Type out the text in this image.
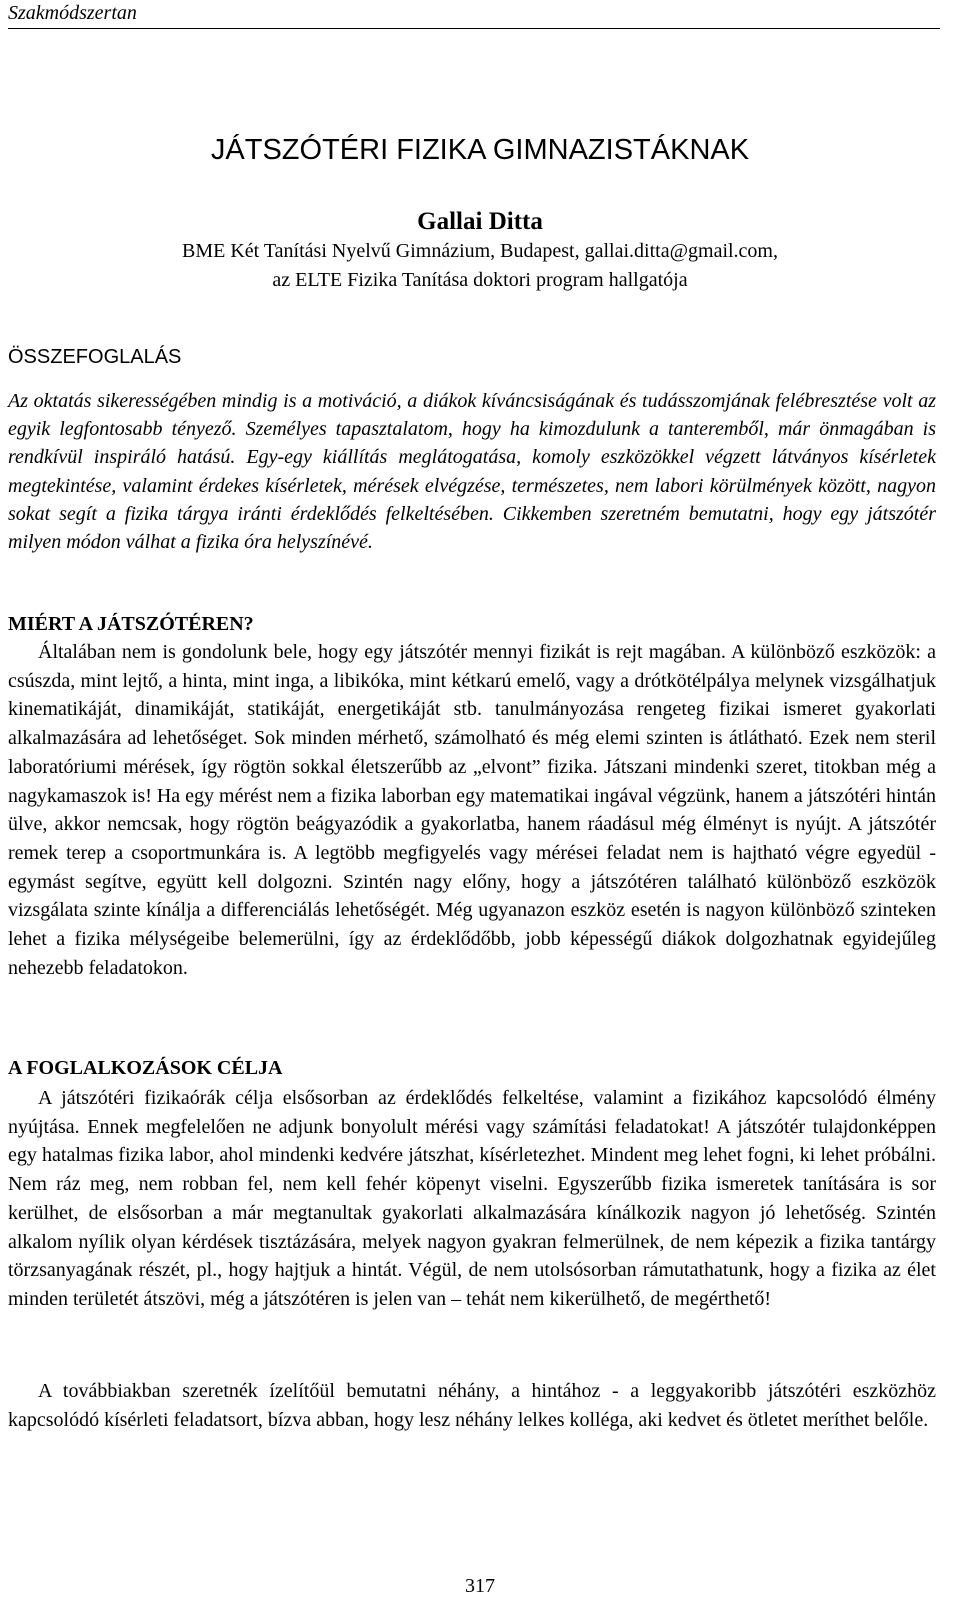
Szakmódszertan
JÁTSZÓTÉRI FIZIKA GIMNAZISTÁKNAK
Gallai Ditta
BME Két Tanítási Nyelvű Gimnázium, Budapest, gallai.ditta@gmail.com,
az ELTE Fizika Tanítása doktori program hallgatója
ÖSSZEFOGLALÁS

Az oktatás sikerességében mindig is a motiváció, a diákok kíváncsiságának és tudásszomjának felébresztése volt az egyik legfontosabb tényező. Személyes tapasztalatom, hogy ha kimozdulunk a tanteremből, már önmagában is rendkívül inspiráló hatású. Egy-egy kiállítás meglátogatása, komoly eszközökkel végzett látványos kísérletek megtekintése, valamint érdekes kísérletek, mérések elvégzése, természetes, nem labori körülmények között, nagyon sokat segít a fizika tárgya iránti érdeklődés felkeltésében. Cikkemben szeretném bemutatni, hogy egy játszótér milyen módon válhat a fizika óra helyszínévé.

MIÉRT A JÁTSZÓTÉREN?

Általában nem is gondolunk bele, hogy egy játszótér mennyi fizikát is rejt magában. A különböző eszközök: a csúszda, mint lejtő, a hinta, mint inga, a libikóka, mint kétkarú emelő, vagy a drótkötélpálya melynek vizsgálhatjuk kinematikáját, dinamikáját, statikáját, energetikáját stb. tanulmányozása rengeteg fizikai ismeret gyakorlati alkalmazására ad lehetőséget. Sok minden mérhető, számolható és még elemi szinten is átlátható. Ezek nem steril laboratóriumi mérések, így rögtön sokkal életszerűbb az „elvont” fizika. Játszani mindenki szeret, titokban még a nagykamaszok is! Ha egy mérést nem a fizika laborban egy matematikai ingával végzünk, hanem a játszótéri hintán ülve, akkor nemcsak, hogy rögtön beágyazódik a gyakorlatba, hanem ráadásul még élményt is nyújt. A játszótér remek terep a csoportmunkára is. A legtöbb megfigyelés vagy mérései feladat nem is hajtható végre egyedül - egymást segítve, együtt kell dolgozni. Szintén nagy előny, hogy a játszótéren található különböző eszközök vizsgálata szinte kínálja a differenciálás lehetőségét. Még ugyanazon eszköz esetén is nagyon különböző szinteken lehet a fizika mélységeibe belemerülni, így az érdeklődőbb, jobb képességű diákok dolgozhatnak egyidejűleg nehezebb feladatokon.

A FOGLALKOZÁSOK CÉLJA

A játszótéri fizikaórák célja elsősorban az érdeklődés felkeltése, valamint a fizikához kapcsolódó élmény nyújtása. Ennek megfelelően ne adjunk bonyolult mérési vagy számítási feladatokat! A játszótér tulajdonképpen egy hatalmas fizika labor, ahol mindenki kedvére játszhat, kísérletezhet. Mindent meg lehet fogni, ki lehet próbálni. Nem ráz meg, nem robban fel, nem kell fehér köpenyt viselni. Egyszerűbb fizika ismeretek tanítására is sor kerülhet, de elsősorban a már megtanultak gyakorlati alkalmazására kínálkozik nagyon jó lehetőség. Szintén alkalom nyílik olyan kérdések tisztázására, melyek nagyon gyakran felmerülnek, de nem képezik a fizika tantárgy törzsanyagának részét, pl., hogy hajtjuk a hintát. Végül, de nem utolsósorban rámutathatunk, hogy a fizika az élet minden területét átszövi, még a játszótéren is jelen van – tehát nem kikerülhető, de megérthető!

A továbbiakban szeretnék ízelítőül bemutatni néhány, a hintához - a leggyakoribb játszótéri eszközhöz kapcsolódó kísérleti feladatsort, bízva abban, hogy lesz néhány lelkes kolléga, aki kedvet és ötletet meríthet belőle.

317
